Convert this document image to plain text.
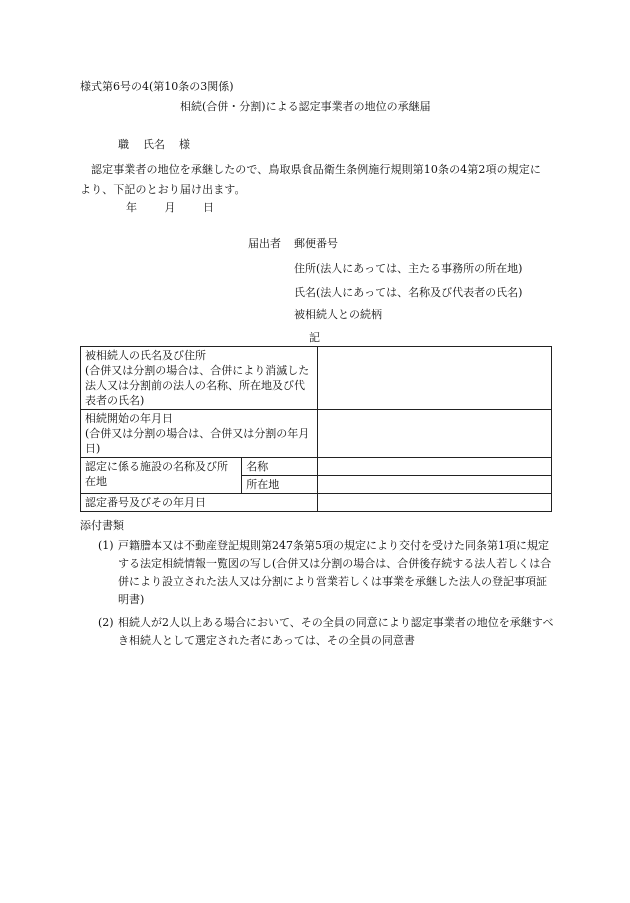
様式第6号の4(第10条の3関係)
相続(合併・分割)による認定事業者の地位の承継届
職 氏名 様
認定事業者の地位を承継したので、鳥取県食品衛生条例施行規則第10条の4第2項の規定により、下記のとおり届け出ます。
年	月	日
届出者	郵便番号
住所(法人にあっては、主たる事務所の所在地)
氏名(法人にあっては、名称及び代表者の氏名)
被相続人との続柄
記
被相続人の氏名及び住所
(合併又は分割の場合は、合併により消滅した法人又は分割前の法人の名称、所在地及び代表者の氏名)		
相続開始の年月日
(合併又は分割の場合は、合併又は分割の年月日)		
認定に係る施設の名称及び所在地	名称	
	所在地	
認定番号及びその年月日		
添付書類
(1) 戸籍謄本又は不動産登記規則第247条第5項の規定により交付を受けた同条第1項に規定する法定相続情報一覧図の写し(合併又は分割の場合は、合併後存続する法人若しくは合併により設立された法人又は分割により営業若しくは事業を承継した法人の登記事項証明書)
(2) 相続人が2人以上ある場合において、その全員の同意により認定事業者の地位を承継すべき相続人として選定された者にあっては、その全員の同意書
